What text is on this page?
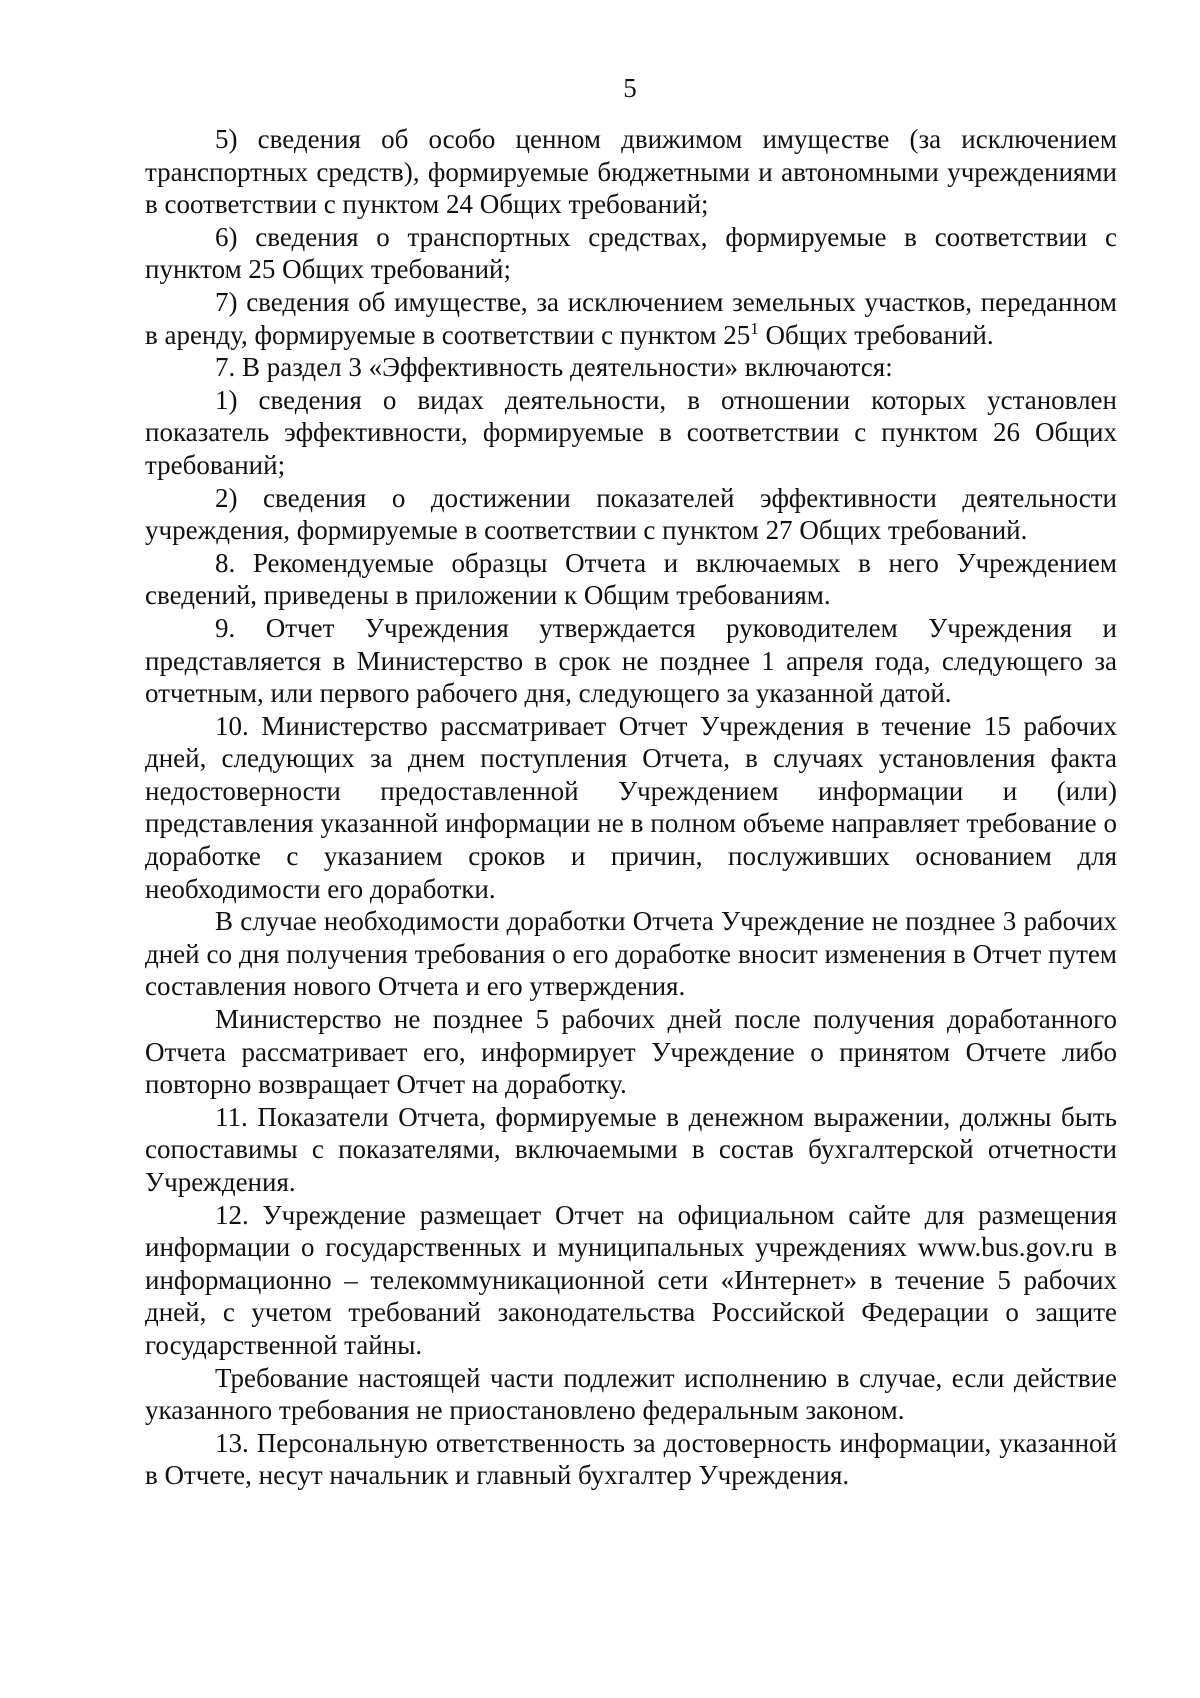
5

5) сведения об особо ценном движимом имуществе (за исключением транспортных средств), формируемые бюджетными и автономными учреждениями в соответствии с пунктом 24 Общих требований;

6) сведения о транспортных средствах, формируемые в соответствии с пунктом 25 Общих требований;

7) сведения об имуществе, за исключением земельных участков, переданном в аренду, формируемые в соответствии с пунктом $25^1$ Общих требований.

7. В раздел 3 «Эффективность деятельности» включаются:

1) сведения о видах деятельности, в отношении которых установлен показатель эффективности, формируемые в соответствии с пунктом 26 Общих требований;

2) сведения о достижении показателей эффективности деятельности учреждения, формируемые в соответствии с пунктом 27 Общих требований.

8. Рекомендуемые образцы Отчета и включаемых в него Учреждением сведений, приведены в приложении к Общим требованиям.

9. Отчет Учреждения утверждается руководителем Учреждения и представляется в Министерство в срок не позднее 1 апреля года, следующего за отчетным, или первого рабочего дня, следующего за указанной датой.

10. Министерство рассматривает Отчет Учреждения в течение 15 рабочих дней, следующих за днем поступления Отчета, в случаях установления факта недостоверности предоставленной Учреждением информации и (или) представления указанной информации не в полном объеме направляет требование о доработке с указанием сроков и причин, послуживших основанием для необходимости его доработки.

В случае необходимости доработки Отчета Учреждение не позднее 3 рабочих дней со дня получения требования о его доработке вносит изменения в Отчет путем составления нового Отчета и его утверждения.

Министерство не позднее 5 рабочих дней после получения доработанного Отчета рассматривает его, информирует Учреждение о принятом Отчете либо повторно возвращает Отчет на доработку.

11. Показатели Отчета, формируемые в денежном выражении, должны быть сопоставимы с показателями, включаемыми в состав бухгалтерской отчетности Учреждения.

12. Учреждение размещает Отчет на официальном сайте для размещения информации о государственных и муниципальных учреждениях www.bus.gov.ru в информационно – телекоммуникационной сети «Интернет» в течение 5 рабочих дней, с учетом требований законодательства Российской Федерации о защите государственной тайны.

Требование настоящей части подлежит исполнению в случае, если действие указанного требования не приостановлено федеральным законом.

13. Персональную ответственность за достоверность информации, указанной в Отчете, несут начальник и главный бухгалтер Учреждения.
